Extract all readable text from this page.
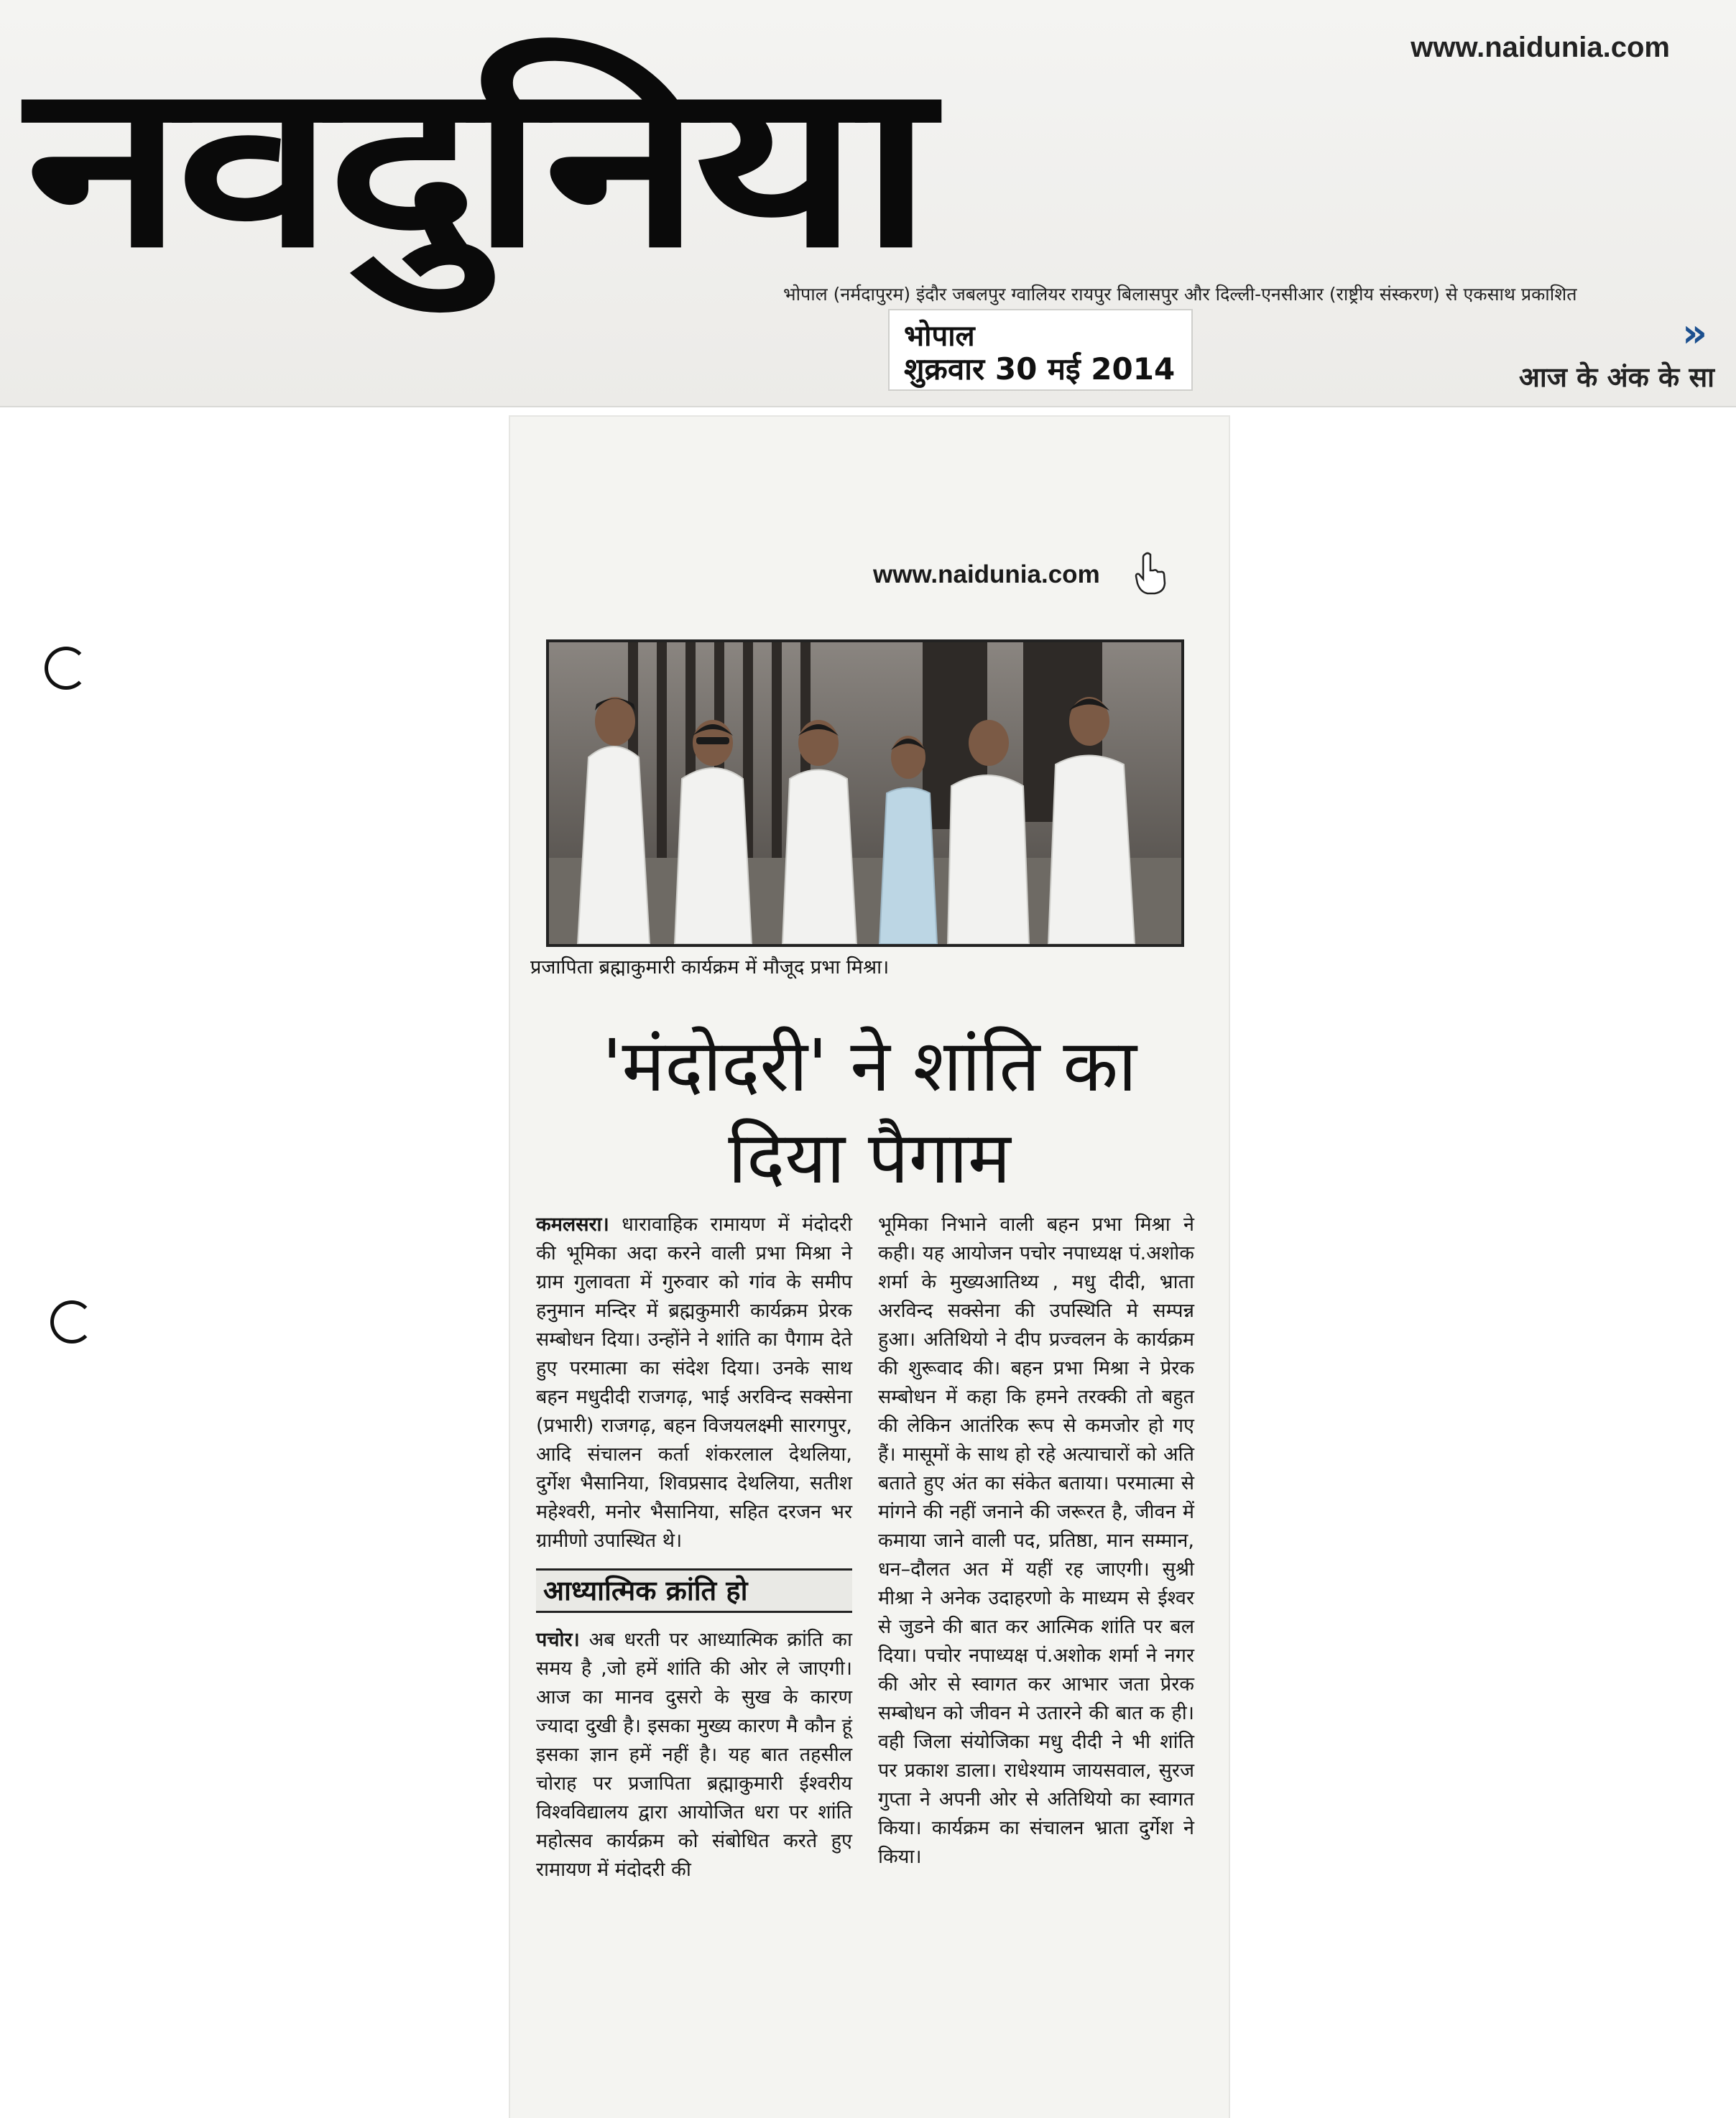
www.naidunia.com
नवदुनिया
भोपाल (नर्मदापुरम) इंदौर जबलपुर ग्वालियर रायपुर बिलासपुर और दिल्ली-एनसीआर (राष्ट्रीय संस्करण) से एकसाथ प्रकाशित
भोपाल
शुक्रवार 30 मई 2014
»
आज के अंक के सा
www.naidunia.com
प्रजापिता ब्रह्माकुमारी कार्यक्रम में मौजूद प्रभा मिश्रा।
'मंदोदरी' ने शांति का
दिया पैगाम

कमलसरा। धारावाहिक रामायण में मंदोदरी की भूमिका अदा करने वाली प्रभा मिश्रा ने ग्राम गुलावता में गुरुवार को गांव के समीप हनुमान मन्दिर में ब्रह्मकुमारी कार्यक्रम प्रेरक सम्बोधन दिया। उन्होंने ने शांति का पैगाम देते हुए परमात्मा का संदेश दिया। उनके साथ बहन मधुदीदी राजगढ़, भाई अरविन्द सक्सेना (प्रभारी) राजगढ़, बहन विजयलक्ष्मी सारगपुर, आदि संचालन कर्ता शंकरलाल देथलिया, दुर्गेश भैसानिया, शिवप्रसाद देथलिया, सतीश महेश्वरी, मनोर भैसानिया, सहित दरजन भर ग्रामीणो उपास्थित थे।

आध्यात्मिक क्रांति हो

पचोर। अब धरती पर आध्यात्मिक क्रांति का समय है ,जो हमें शांति की ओर ले जाएगी। आज का मानव दुसरो के सुख के कारण ज्यादा दुखी है। इसका मुख्य कारण मै कौन हूं इसका ज्ञान हमें नहीं है। यह बात तहसील चोराह पर प्रजापिता ब्रह्माकुमारी ईश्वरीय विश्वविद्यालय द्वारा आयोजित धरा पर शांति महोत्सव कार्यक्रम को संबोधित करते हुए रामायण में मंदोदरी की

भूमिका निभाने वाली बहन प्रभा मिश्रा ने कही। यह आयोजन पचोर नपाध्यक्ष पं.अशोक शर्मा के मुख्यआतिथ्य , मधु दीदी, भ्राता अरविन्द सक्सेना की उपस्थिति मे सम्पन्न हुआ। अतिथियो ने दीप प्रज्वलन के कार्यक्रम की शुरूवाद की। बहन प्रभा मिश्रा ने प्रेरक सम्बोधन में कहा कि हमने तरक्की तो बहुत की लेकिन आतंरिक रूप से कमजोर हो गए हैं। मासूमों के साथ हो रहे अत्याचारों को अति बताते हुए अंत का संकेत बताया। परमात्मा से मांगने की नहीं जनाने की जरूरत है, जीवन में कमाया जाने वाली पद, प्रतिष्ठा, मान सम्मान, धन–दौलत अत में यहीं रह जाएगी। सुश्री मीश्रा ने अनेक उदाहरणो के माध्यम से ईश्वर से जुडने की बात कर आत्मिक शांति पर बल दिया। पचोर नपाध्यक्ष पं.अशोक शर्मा ने नगर की ओर से स्वागत कर आभार जता प्रेरक सम्बोधन को जीवन मे उतारने की बात क ही। वही जिला संयोजिका मधु दीदी ने भी शांति पर प्रकाश डाला। राधेश्याम जायसवाल, सुरज गुप्ता ने अपनी ओर से अतिथियो का स्वागत किया। कार्यक्रम का संचालन भ्राता दुर्गेश ने किया।
